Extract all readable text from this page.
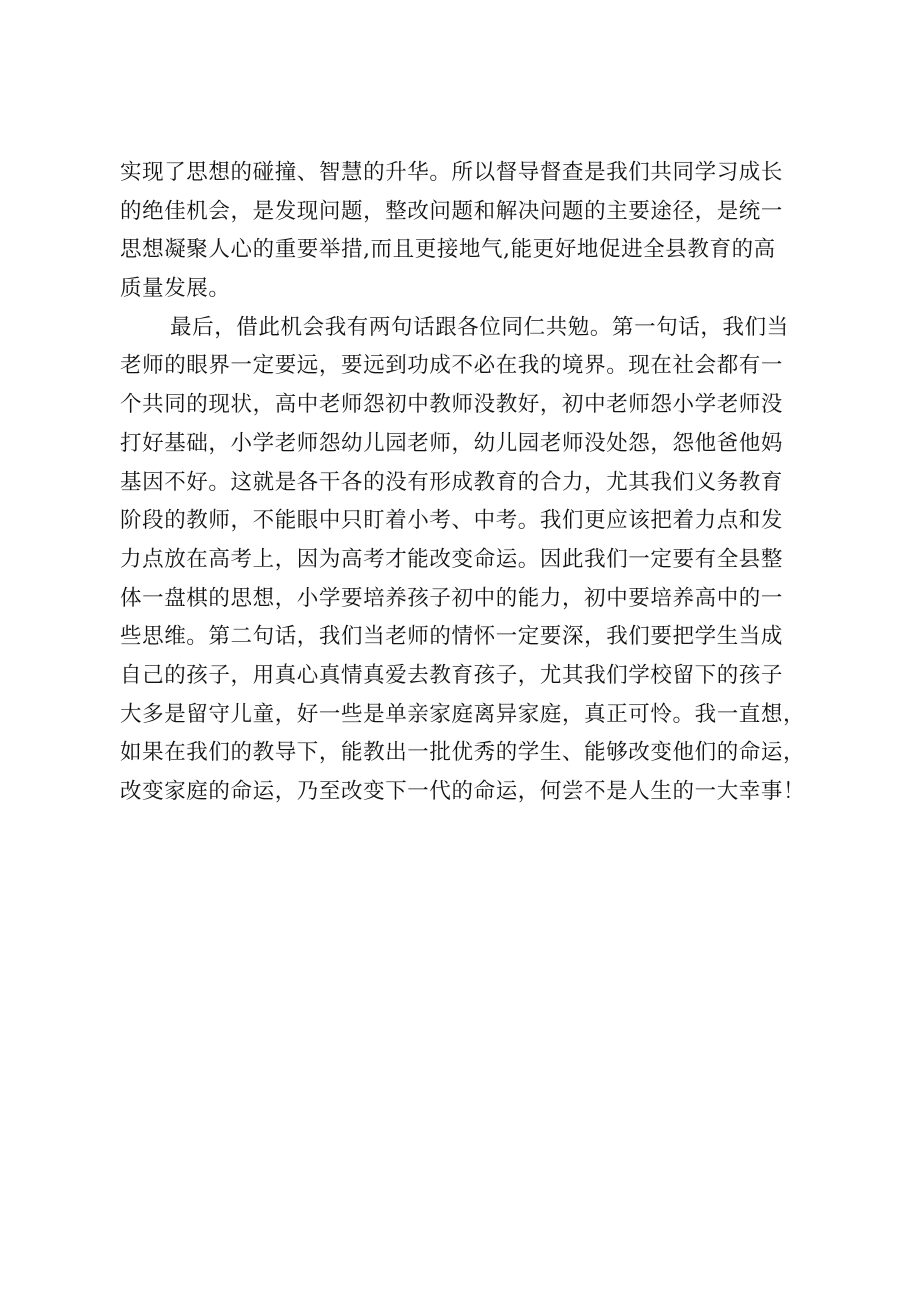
实现了思想的碰撞、智慧的升华。所以督导督查是我们共同学习成长
的绝佳机会，是发现问题，整改问题和解决问题的主要途径，是统一
思想凝聚人心的重要举措,而且更接地气,能更好地促进全县教育的高
质量发展。
最后，借此机会我有两句话跟各位同仁共勉。第一句话，我们当
老师的眼界一定要远，要远到功成不必在我的境界。现在社会都有一
个共同的现状，高中老师怨初中教师没教好，初中老师怨小学老师没
打好基础，小学老师怨幼儿园老师，幼儿园老师没处怨，怨他爸他妈
基因不好。这就是各干各的没有形成教育的合力，尤其我们义务教育
阶段的教师，不能眼中只盯着小考、中考。我们更应该把着力点和发
力点放在高考上，因为高考才能改变命运。因此我们一定要有全县整
体一盘棋的思想，小学要培养孩子初中的能力，初中要培养高中的一
些思维。第二句话，我们当老师的情怀一定要深，我们要把学生当成
自己的孩子，用真心真情真爱去教育孩子，尤其我们学校留下的孩子
大多是留守儿童，好一些是单亲家庭离异家庭，真正可怜。我一直想，
如果在我们的教导下，能教出一批优秀的学生、能够改变他们的命运，
改变家庭的命运，乃至改变下一代的命运，何尝不是人生的一大幸事！
